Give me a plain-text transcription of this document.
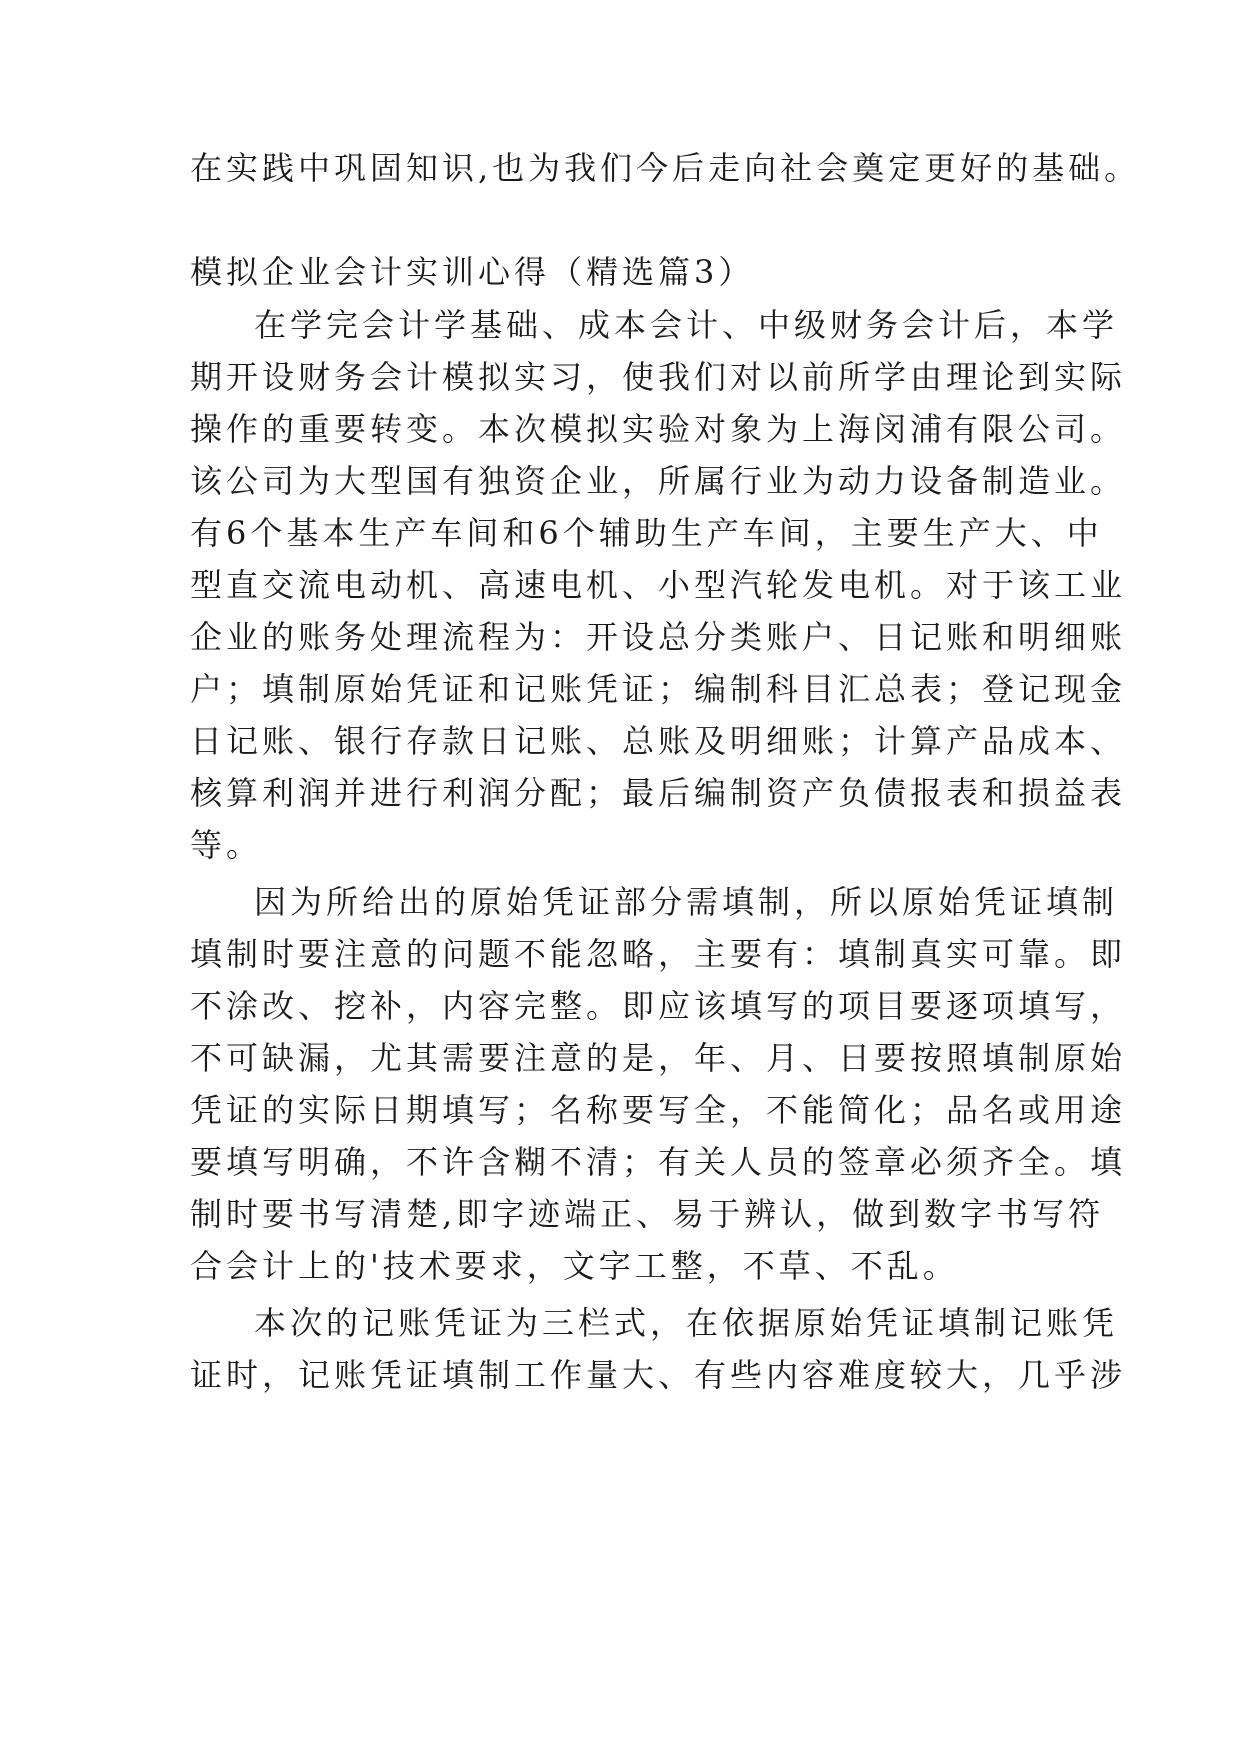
在实践中巩固知识,也为我们今后走向社会奠定更好的基础。

模拟企业会计实训心得（精选篇3）

在学完会计学基础、成本会计、中级财务会计后，本学

期开设财务会计模拟实习，使我们对以前所学由理论到实际

操作的重要转变。本次模拟实验对象为上海闵浦有限公司。

该公司为大型国有独资企业，所属行业为动力设备制造业。

有6个基本生产车间和6个辅助生产车间，主要生产大、中

型直交流电动机、高速电机、小型汽轮发电机。对于该工业

企业的账务处理流程为：开设总分类账户、日记账和明细账

户；填制原始凭证和记账凭证；编制科目汇总表；登记现金

日记账、银行存款日记账、总账及明细账；计算产品成本、

核算利润并进行利润分配；最后编制资产负债报表和损益表

等。

因为所给出的原始凭证部分需填制，所以原始凭证填制

填制时要注意的问题不能忽略，主要有：填制真实可靠。即

不涂改、挖补，内容完整。即应该填写的项目要逐项填写，

不可缺漏，尤其需要注意的是，年、月、日要按照填制原始

凭证的实际日期填写；名称要写全，不能简化；品名或用途

要填写明确，不许含糊不清；有关人员的签章必须齐全。填

制时要书写清楚,即字迹端正、易于辨认，做到数字书写符

合会计上的'技术要求，文字工整，不草、不乱。

本次的记账凭证为三栏式，在依据原始凭证填制记账凭

证时，记账凭证填制工作量大、有些内容难度较大，几乎涉
